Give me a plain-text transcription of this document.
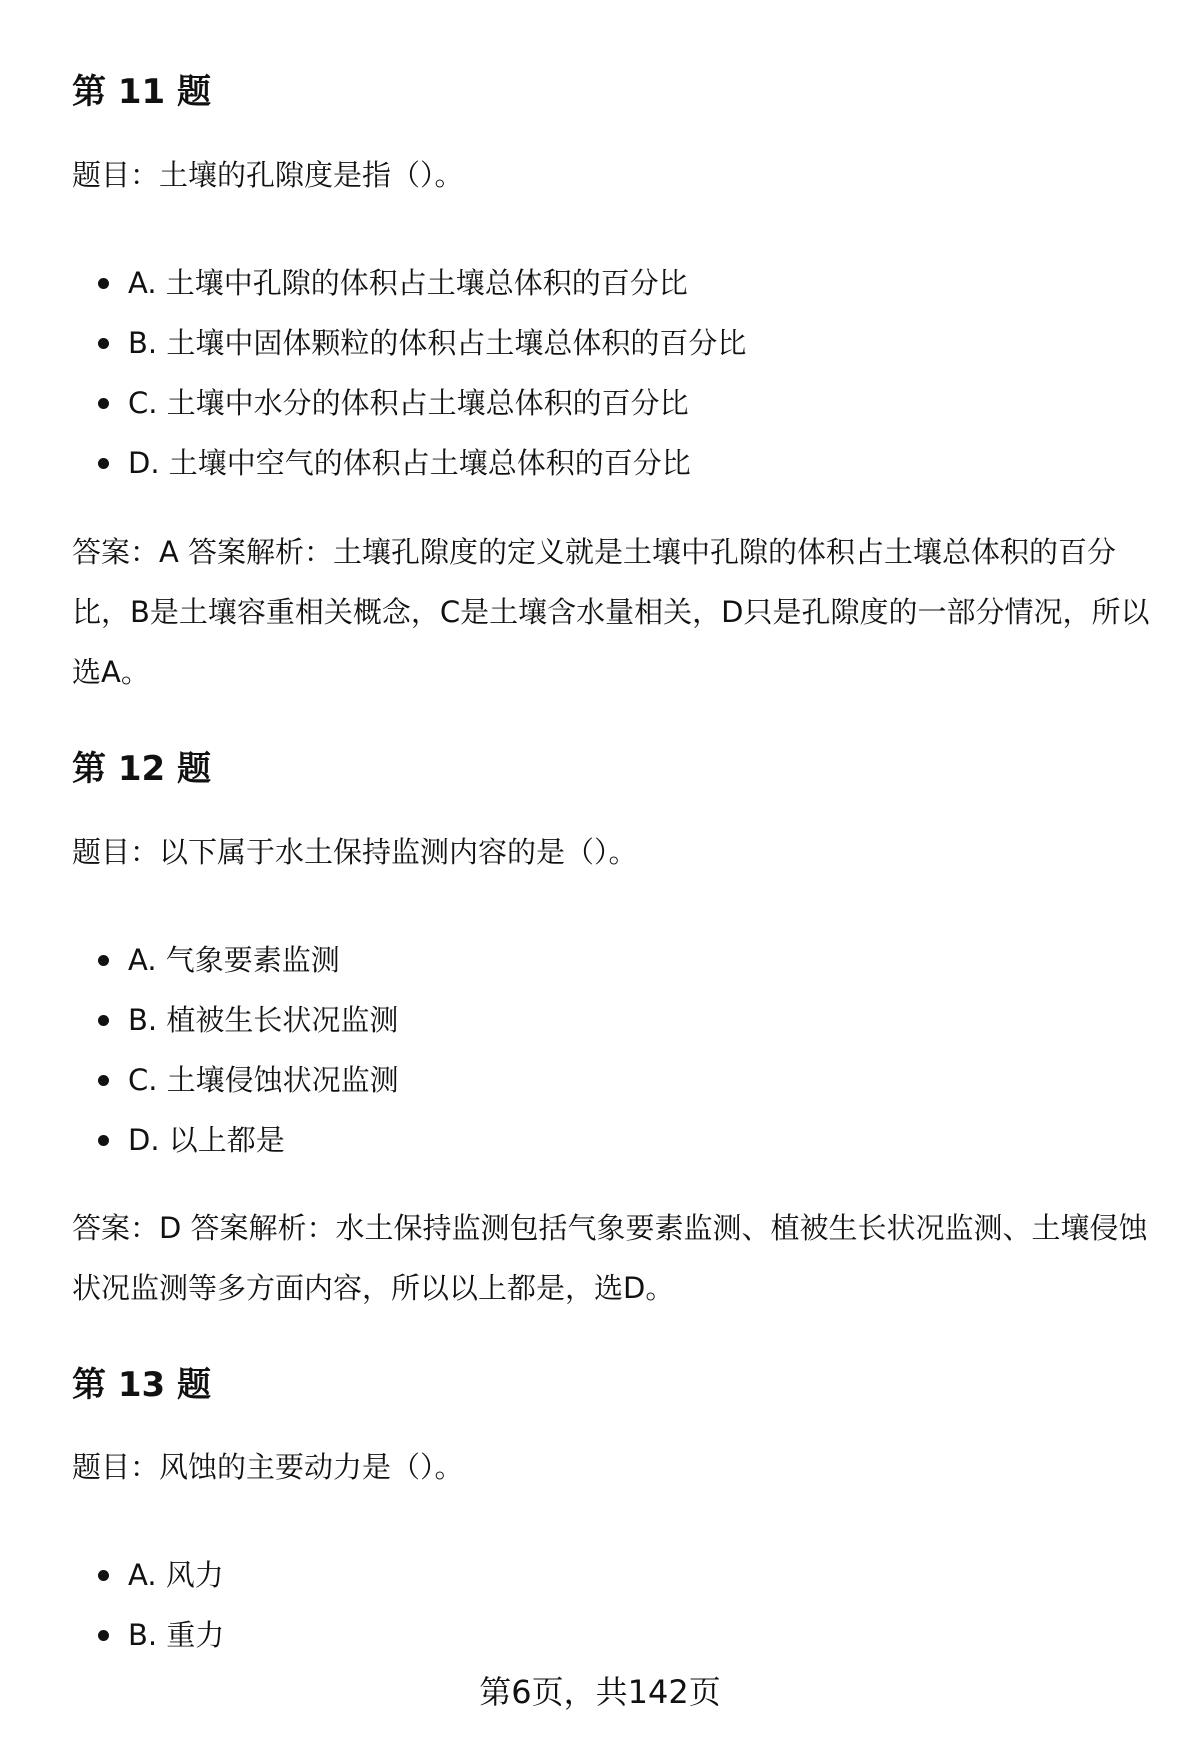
第 11 题
题目：土壤的孔隙度是指（）。
A. 土壤中孔隙的体积占土壤总体积的百分比
B. 土壤中固体颗粒的体积占土壤总体积的百分比
C. 土壤中水分的体积占土壤总体积的百分比
D. 土壤中空气的体积占土壤总体积的百分比
答案：A 答案解析：土壤孔隙度的定义就是土壤中孔隙的体积占土壤总体积的百分比，B是土壤容重相关概念，C是土壤含水量相关，D只是孔隙度的一部分情况，所以选A。
第 12 题
题目：以下属于水土保持监测内容的是（）。
A. 气象要素监测
B. 植被生长状况监测
C. 土壤侵蚀状况监测
D. 以上都是
答案：D 答案解析：水土保持监测包括气象要素监测、植被生长状况监测、土壤侵蚀状况监测等多方面内容，所以以上都是，选D。
第 13 题
题目：风蚀的主要动力是（）。
A. 风力
B. 重力
第6页，共142页
